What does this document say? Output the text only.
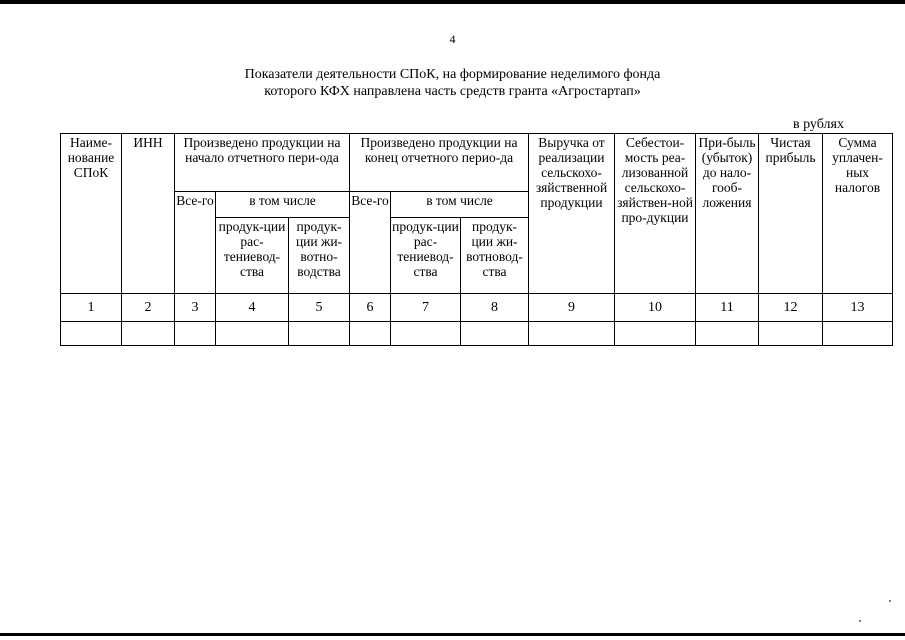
4
Показатели деятельности СПоК, на формирование неделимого фонда
которого КФХ направлена часть средств гранта «Агростартап»
в рублях
Наиме-нование СПоК	ИНН	Произведено продукции на начало отчетного пери-ода			Произведено продукции на конец отчетного перио-да			Выручка от реализации сельскохо-зяйственной продукции	Себестои-мость реа-лизованной сельскохо-зяйствен-ной про-дукции	При-быль (убыток) до нало-гооб-ложения	Чистая прибыль	Сумма уплачен-ных налогов
		Все-го	в том числе		Все-го	в том числе						
			продук-ции рас-тениевод-ства	продук-ции жи-вотно-водства		продук-ции рас-тениевод-ства	продук-ции жи-вотновод-ства					
1	2	3	4	5	6	7	8	9	10	11	12	13
